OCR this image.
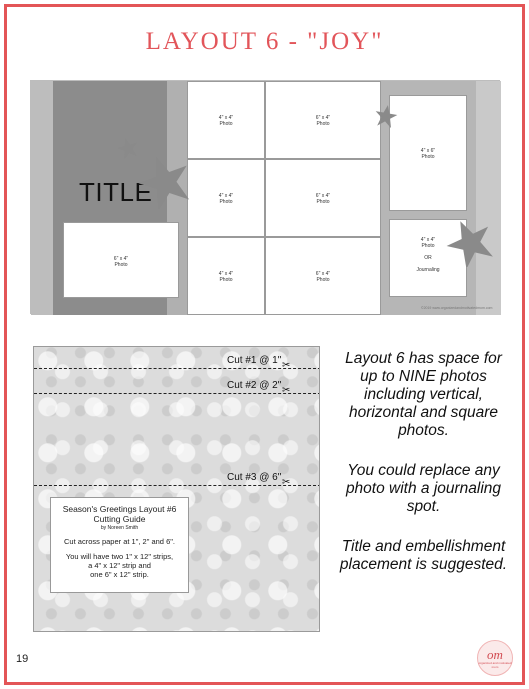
LAYOUT 6 - "JOY"
TITLE
6" x 4"
Photo
4" x 4"
Photo
4" x 4"
Photo
4" x 4"
Photo
6" x 4"
Photo
6" x 4"
Photo
6" x 4"
Photo
4" x 6"
Photo
4" x 4"
Photo

OR

Journaling
©2019 www.organizedandmotivatedmom.com
Cut #1 @ 1" ✂
Cut #2 @ 2" ✂
Cut #3 @ 6" ✂
Season's Greetings Layout #6
Cutting Guide
by Noreen Smith
Cut across paper at 1", 2" and 6".
You will have two 1" x 12" strips,
a 4" x 12" strip and
one 6" x 12" strip.
Layout 6 has space for up to NINE photos including vertical, horizontal and square photos.
You could replace any photo with a journaling spot.
Title and embellishment placement is suggested.
19	om
organized and motivated mom
